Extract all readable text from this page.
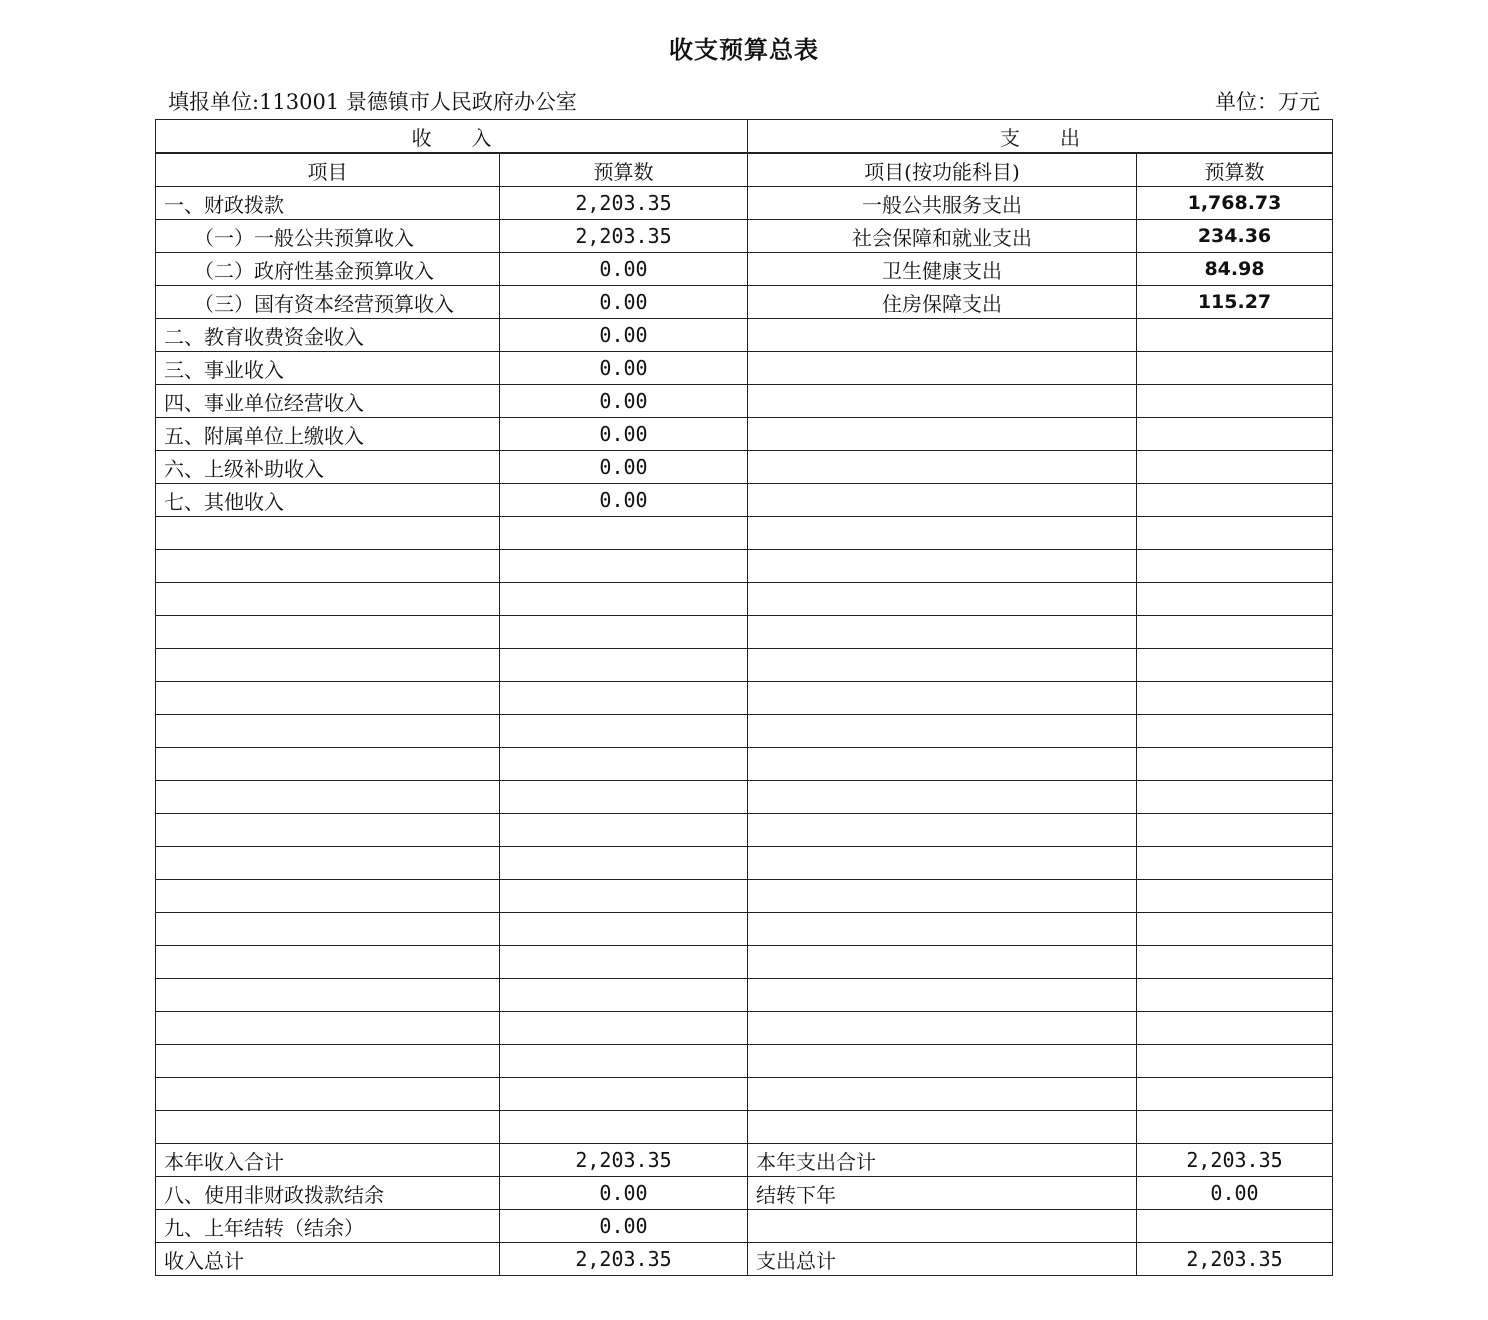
收支预算总表
填报单位:113001 景德镇市人民政府办公室	单位：万元
收　　入		支　　出	
项目	预算数	项目(按功能科目)	预算数
一、财政拨款	2,203.35	一般公共服务支出	1,768.73
（一）一般公共预算收入	2,203.35	社会保障和就业支出	234.36
（二）政府性基金预算收入	0.00	卫生健康支出	84.98
（三）国有资本经营预算收入	0.00	住房保障支出	115.27
二、教育收费资金收入	0.00		
三、事业收入	0.00		
四、事业单位经营收入	0.00		
五、附属单位上缴收入	0.00		
六、上级补助收入	0.00		
七、其他收入	0.00		

本年收入合计	2,203.35	本年支出合计	2,203.35
八、使用非财政拨款结余	0.00	结转下年	0.00
九、上年结转（结余）	0.00		
收入总计	2,203.35	支出总计	2,203.35
